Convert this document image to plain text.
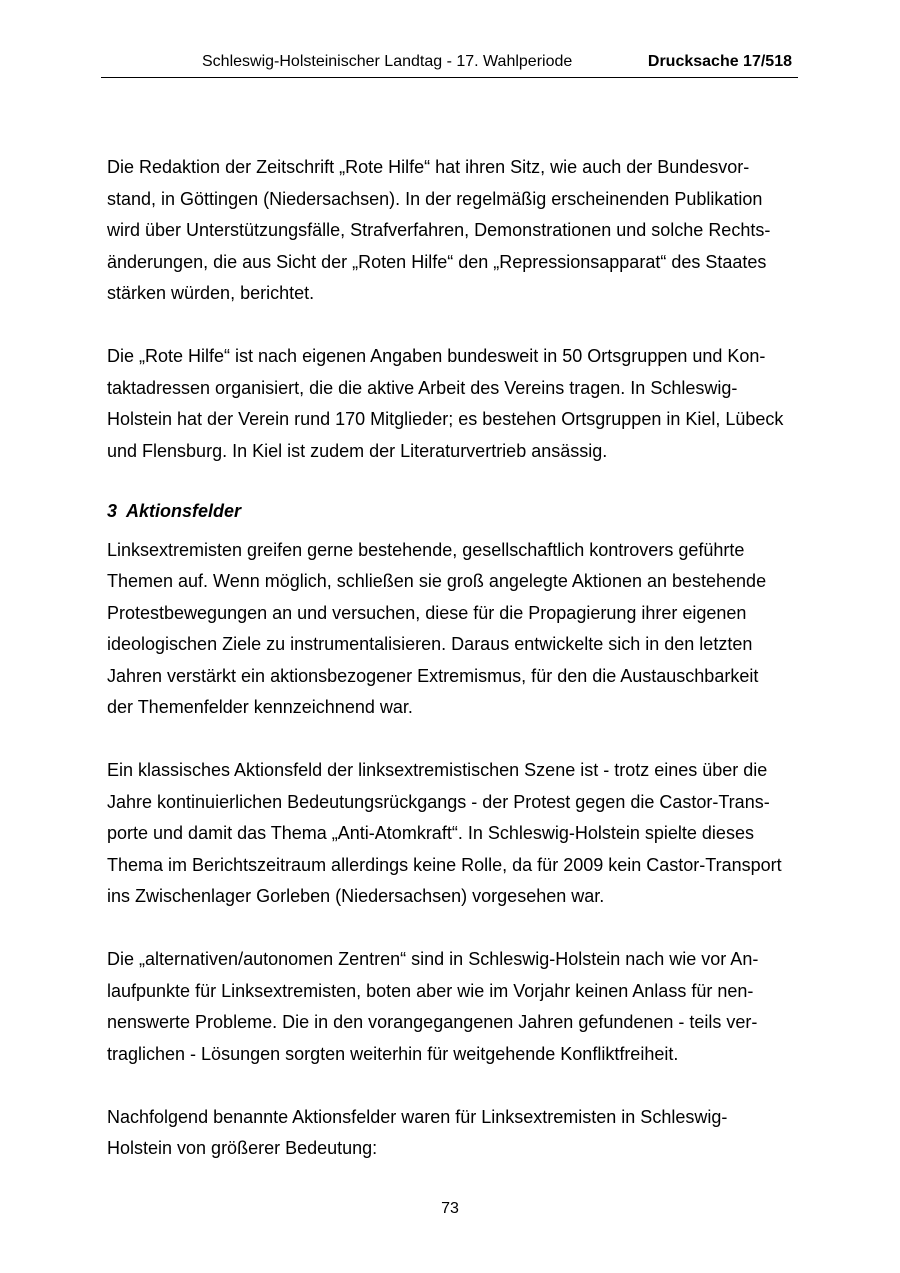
Schleswig-Holsteinischer Landtag - 17. Wahlperiode	Drucksache 17/518

Die Redaktion der Zeitschrift „Rote Hilfe“ hat ihren Sitz, wie auch der Bundesvor-
stand, in Göttingen (Niedersachsen). In der regelmäßig erscheinenden Publikation
wird über Unterstützungsfälle, Strafverfahren, Demonstrationen und solche Rechts-
änderungen, die aus Sicht der „Roten Hilfe“ den „Repressionsapparat“ des Staates
stärken würden, berichtet.

Die „Rote Hilfe“ ist nach eigenen Angaben bundesweit in 50 Ortsgruppen und Kon-
taktadressen organisiert, die die aktive Arbeit des Vereins tragen. In Schleswig-
Holstein hat der Verein rund 170 Mitglieder; es bestehen Ortsgruppen in Kiel, Lübeck
und Flensburg. In Kiel ist zudem der Literaturvertrieb ansässig.

3 Aktionsfelder

Linksextremisten greifen gerne bestehende, gesellschaftlich kontrovers geführte
Themen auf. Wenn möglich, schließen sie groß angelegte Aktionen an bestehende
Protestbewegungen an und versuchen, diese für die Propagierung ihrer eigenen
ideologischen Ziele zu instrumentalisieren. Daraus entwickelte sich in den letzten
Jahren verstärkt ein aktionsbezogener Extremismus, für den die Austauschbarkeit
der Themenfelder kennzeichnend war.

Ein klassisches Aktionsfeld der linksextremistischen Szene ist - trotz eines über die
Jahre kontinuierlichen Bedeutungsrückgangs - der Protest gegen die Castor-Trans-
porte und damit das Thema „Anti-Atomkraft“. In Schleswig-Holstein spielte dieses
Thema im Berichtszeitraum allerdings keine Rolle, da für 2009 kein Castor-Transport
ins Zwischenlager Gorleben (Niedersachsen) vorgesehen war.

Die „alternativen/autonomen Zentren“ sind in Schleswig-Holstein nach wie vor An-
laufpunkte für Linksextremisten, boten aber wie im Vorjahr keinen Anlass für nen-
nenswerte Probleme. Die in den vorangegangenen Jahren gefundenen - teils ver-
traglichen - Lösungen sorgten weiterhin für weitgehende Konfliktfreiheit.

Nachfolgend benannte Aktionsfelder waren für Linksextremisten in Schleswig-
Holstein von größerer Bedeutung:

73
